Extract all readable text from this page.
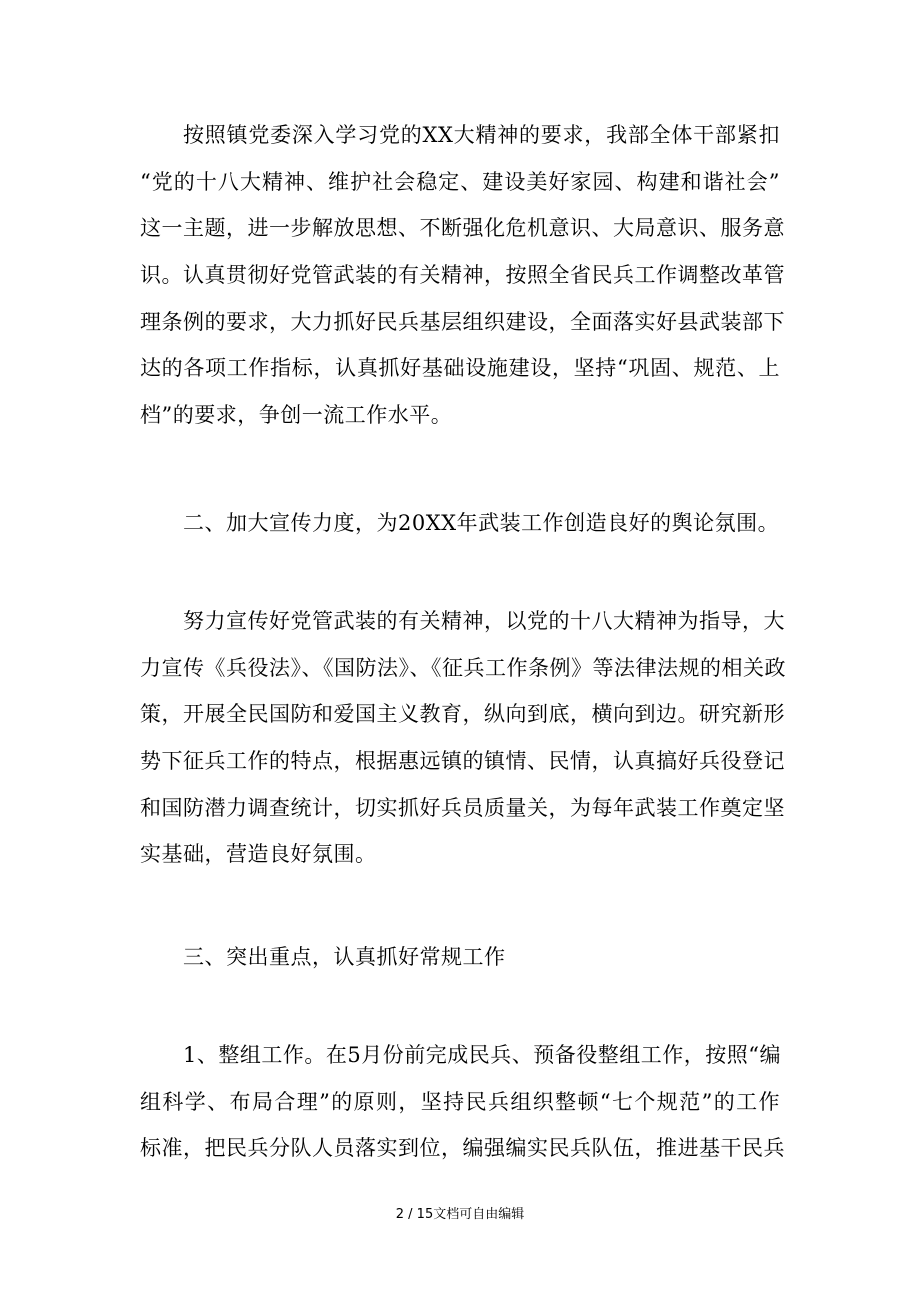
按照镇党委深入学习党的XX大精神的要求，我部全体干部紧扣
“党的十八大精神、维护社会稳定、建设美好家园、构建和谐社会”
这一主题，进一步解放思想、不断强化危机意识、大局意识、服务意
识。认真贯彻好党管武装的有关精神，按照全省民兵工作调整改革管
理条例的要求，大力抓好民兵基层组织建设，全面落实好县武装部下
达的各项工作指标，认真抓好基础设施建设，坚持“巩固、规范、上
档”的要求，争创一流工作水平。
二、加大宣传力度，为20XX年武装工作创造良好的舆论氛围。
努力宣传好党管武装的有关精神，以党的十八大精神为指导，大
力宣传《兵役法》、《国防法》、《征兵工作条例》等法律法规的相关政
策，开展全民国防和爱国主义教育，纵向到底，横向到边。研究新形
势下征兵工作的特点，根据惠远镇的镇情、民情，认真搞好兵役登记
和国防潜力调查统计，切实抓好兵员质量关，为每年武装工作奠定坚
实基础，营造良好氛围。
三、突出重点，认真抓好常规工作
1、整组工作。在5月份前完成民兵、预备役整组工作，按照“编
组科学、布局合理”的原则，坚持民兵组织整顿“七个规范”的工作
标准，把民兵分队人员落实到位，编强编实民兵队伍，推进基干民兵
2 / 15文档可自由编辑
